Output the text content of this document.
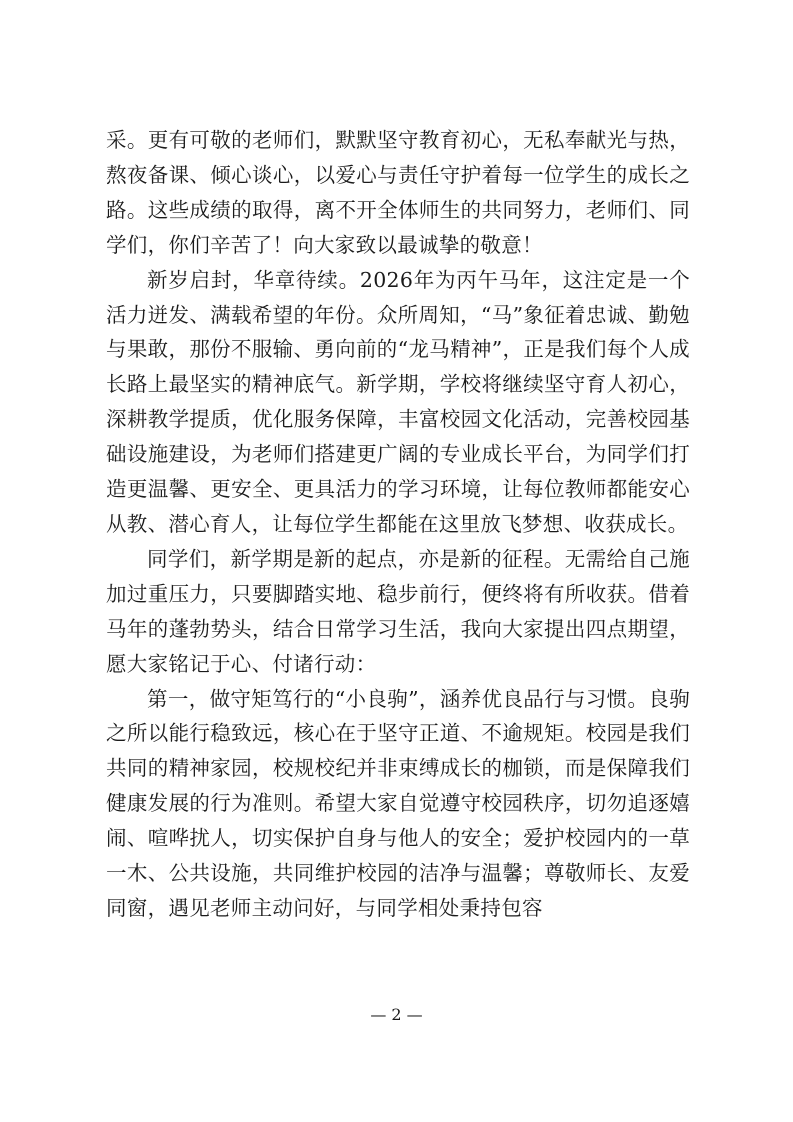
采。更有可敬的老师们，默默坚守教育初心，无私奉献光与热，熬夜备课、倾心谈心，以爱心与责任守护着每一位学生的成长之路。这些成绩的取得，离不开全体师生的共同努力，老师们、同学们，你们辛苦了！向大家致以最诚挚的敬意！

新岁启封，华章待续。2026年为丙午马年，这注定是一个活力迸发、满载希望的年份。众所周知，“马”象征着忠诚、勤勉与果敢，那份不服输、勇向前的“龙马精神”，正是我们每个人成长路上最坚实的精神底气。新学期，学校将继续坚守育人初心，深耕教学提质，优化服务保障，丰富校园文化活动，完善校园基础设施建设，为老师们搭建更广阔的专业成长平台，为同学们打造更温馨、更安全、更具活力的学习环境，让每位教师都能安心从教、潜心育人，让每位学生都能在这里放飞梦想、收获成长。

同学们，新学期是新的起点，亦是新的征程。无需给自己施加过重压力，只要脚踏实地、稳步前行，便终将有所收获。借着马年的蓬勃势头，结合日常学习生活，我向大家提出四点期望，愿大家铭记于心、付诸行动：

第一，做守矩笃行的“小良驹”，涵养优良品行与习惯。良驹之所以能行稳致远，核心在于坚守正道、不逾规矩。校园是我们共同的精神家园，校规校纪并非束缚成长的枷锁，而是保障我们健康发展的行为准则。希望大家自觉遵守校园秩序，切勿追逐嬉闹、喧哗扰人，切实保护自身与他人的安全；爱护校园内的一草一木、公共设施，共同维护校园的洁净与温馨；尊敬师长、友爱同窗，遇见老师主动问好，与同学相处秉持包容

— 2 —
